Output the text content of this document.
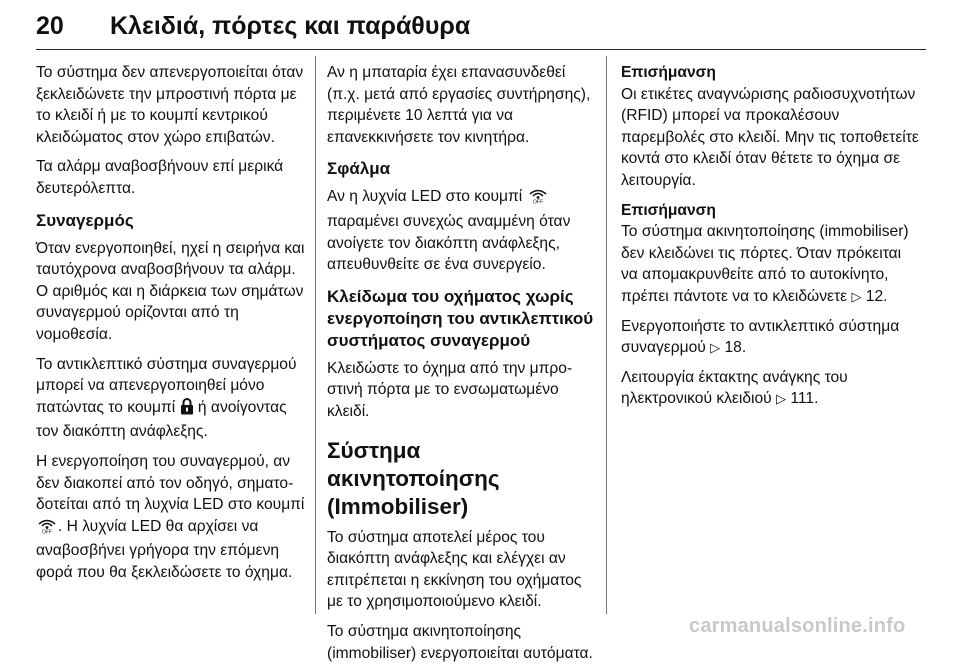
20 Κλειδιά, πόρτες και παράθυρα

Το σύστημα δεν απενεργοποιείται όταν ξεκλειδώνετε την μπροστινή πόρτα με το κλειδί ή με το κουμπί κεντρικού κλειδώματος στον χώρο επιβατών.

Τα αλάρμ αναβοσβήνουν επί μερικά δευτερόλεπτα.

Συναγερμός

Όταν ενεργοποιηθεί, ηχεί η σειρήνα και ταυτόχρονα αναβοσβήνουν τα αλάρμ. Ο αριθμός και η διάρκεια των σημάτων συναγερμού ορίζονται από τη νομοθεσία.

Το αντικλεπτικό σύστημα συναγερμού μπορεί να απενεργοποιηθεί μόνο πατώντας το κουμπί ή ανοίγοντας τον διακόπτη ανάφλεξης.

Η ενεργοποίηση του συναγερμού, αν δεν διακοπεί από τον οδηγό, σηματοδοτείται από τη λυχνία LED στο κουμπί
OFF . Η λυχνία LED θα αρχίσει να αναβοσβήνει γρήγορα την επόμενη φορά που θα ξεκλειδώσετε το όχημα.

Αν η μπαταρία έχει επανασυνδεθεί (π.χ. μετά από εργασίες συντήρησης), περιμένετε 10 λεπτά για να επανεκκινήσετε τον κινητήρα.

Σφάλμα

Αν η λυχνία LED στο κουμπί OFF
παραμένει συνεχώς αναμμένη όταν ανοίγετε τον διακόπτη ανάφλεξης, απευθυνθείτε σε ένα συνεργείο.

Κλείδωμα του οχήματος χωρίς ενεργοποίηση του αντικλεπτικού συστήματος συναγερμού

Κλειδώστε το όχημα από την μπροστινή πόρτα με το ενσωματωμένο κλειδί.

Σύστημα ακινητοποίησης (Immobiliser)

Το σύστημα αποτελεί μέρος του διακόπτη ανάφλεξης και ελέγχει αν επιτρέπεται η εκκίνηση του οχήματος με το χρησιμοποιούμενο κλειδί.

Το σύστημα ακινητοποίησης (immobiliser) ενεργοποιείται αυτόματα.

Επισήμανση
Οι ετικέτες αναγνώρισης ραδιοσυχνοτήτων (RFID) μπορεί να προκαλέσουν παρεμβολές στο κλειδί. Μην τις τοποθετείτε κοντά στο κλειδί όταν θέτετε το όχημα σε λειτουργία.

Επισήμανση
Το σύστημα ακινητοποίησης (immobiliser) δεν κλειδώνει τις πόρτες. Όταν πρόκειται να απομακρυνθείτε από το αυτοκίνητο, πρέπει πάντοτε να το κλειδώνετε ▷ 12.

Ενεργοποιήστε το αντικλεπτικό σύστημα συναγερμού ▷ 18.

Λειτουργία έκτακτης ανάγκης του ηλεκτρονικού κλειδιού ▷ 111.

carmanualsonline.info
